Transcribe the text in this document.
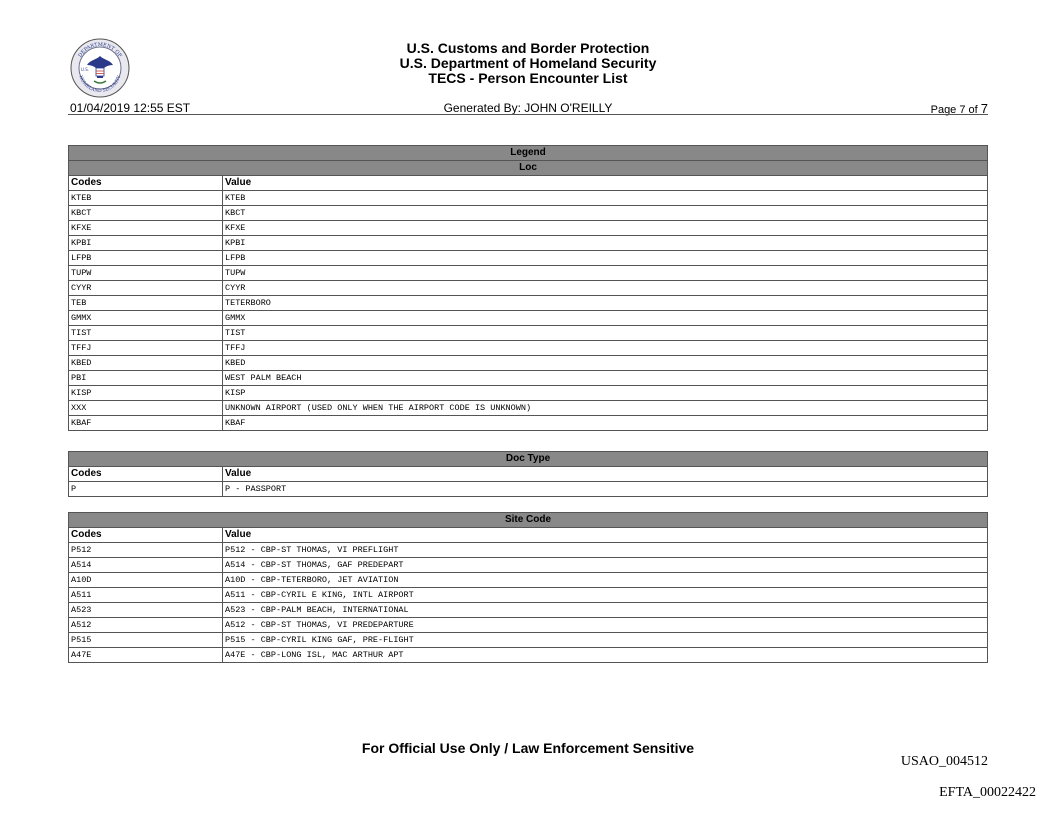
DEPARTMENT OF
HOMELAND SECURITY
U.S.
U.S. Customs and Border Protection
U.S. Department of Homeland Security
TECS - Person Encounter List
01/04/2019 12:55 EST	Generated By: JOHN O'REILLY	Page 7 of 7
Legend	
Loc	
Codes	Value
KTEB	KTEB
KBCT	KBCT
KFXE	KFXE
KPBI	KPBI
LFPB	LFPB
TUPW	TUPW
CYYR	CYYR
TEB	TETERBORO
GMMX	GMMX
TIST	TIST
TFFJ	TFFJ
KBED	KBED
PBI	WEST PALM BEACH
KISP	KISP
XXX	UNKNOWN AIRPORT (USED ONLY WHEN THE AIRPORT CODE IS UNKNOWN)
KBAF	KBAF
Doc Type	
Codes	Value
P	P - PASSPORT
Site Code	
Codes	Value
P512	P512 - CBP-ST THOMAS, VI PREFLIGHT
A514	A514 - CBP-ST THOMAS, GAF PREDEPART
A10D	A10D - CBP-TETERBORO, JET AVIATION
A511	A511 - CBP-CYRIL E KING, INTL AIRPORT
A523	A523 - CBP-PALM BEACH, INTERNATIONAL
A512	A512 - CBP-ST THOMAS, VI PREDEPARTURE
P515	P515 - CBP-CYRIL KING GAF, PRE-FLIGHT
A47E	A47E - CBP-LONG ISL, MAC ARTHUR APT
For Official Use Only / Law Enforcement Sensitive
USAO_004512
EFTA_00022422
